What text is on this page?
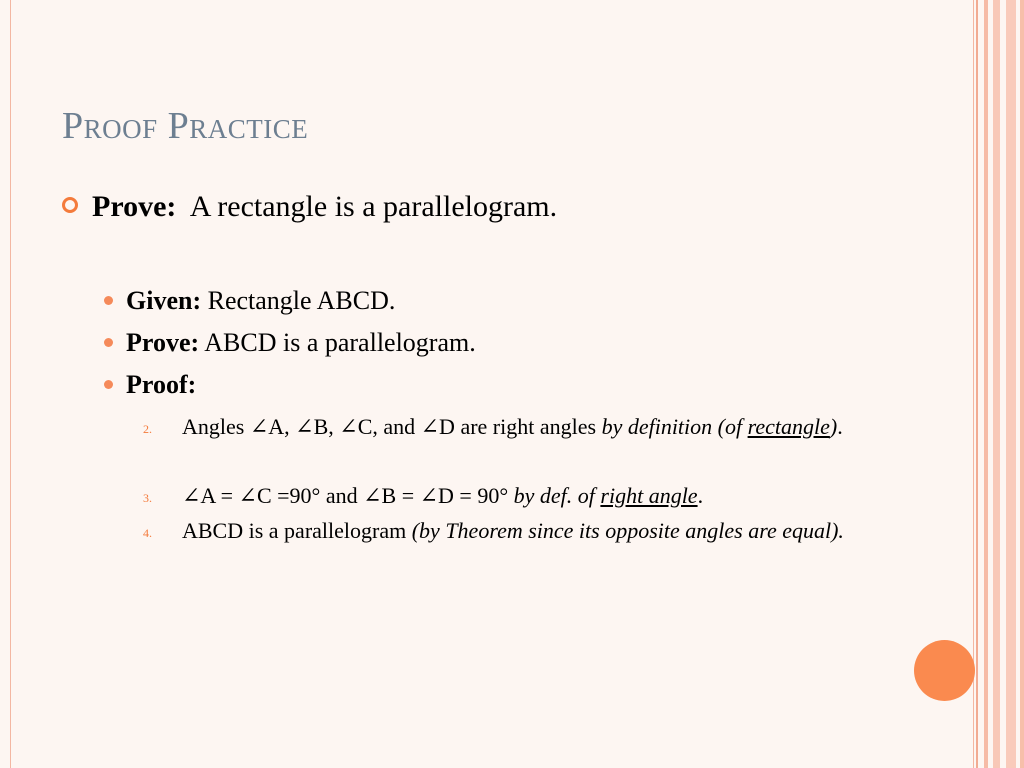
Proof Practice
Prove: A rectangle is a parallelogram.
Given: Rectangle ABCD.
Prove: ABCD is a parallelogram.
Proof:
2. Angles ∠A, ∠B, ∠C, and ∠D are right angles by definition (of rectangle).
3. ∠A = ∠C =90° and ∠B = ∠D = 90° by def. of right angle.
4. ABCD is a parallelogram (by Theorem since its opposite angles are equal).
